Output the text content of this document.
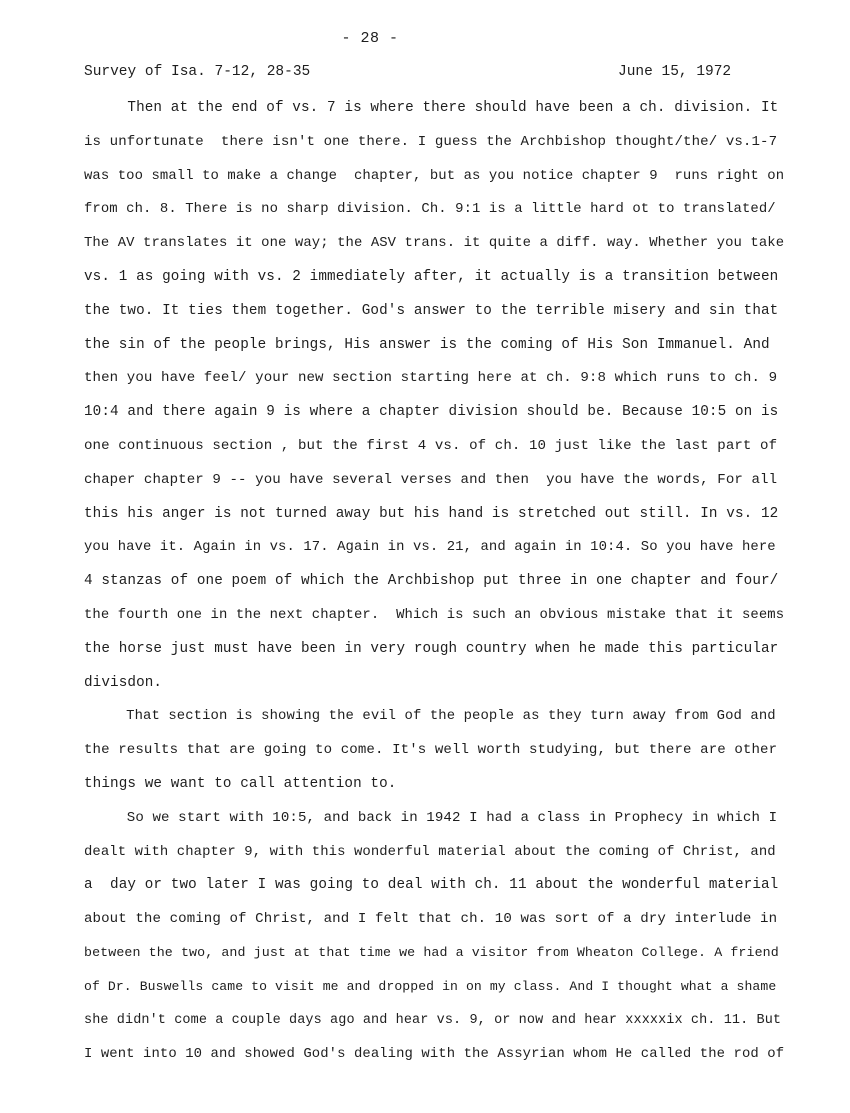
- 28 -
Survey of Isa. 7-12, 28-35	June 15, 1972
Then at the end of vs. 7 is where there should have been a ch. division. It
is unfortunate  there isn't one there. I guess the Archbishop thought/the/ vs.1-7
was too small to make a change  chapter, but as you notice chapter 9  runs right on
from ch. 8. There is no sharp division. Ch. 9:1 is a little hard ot to translated/
The AV translates it one way; the ASV trans. it quite a diff. way. Whether you take
vs. 1 as going with vs. 2 immediately after, it actually is a transition between
the two. It ties them together. God's answer to the terrible misery and sin that
the sin of the people brings, His answer is the coming of His Son Immanuel. And
then you have feel/ your new section starting here at ch. 9:8 which runs to ch. 9
10:4 and there again 9 is where a chapter division should be. Because 10:5 on is
one continuous section , but the first 4 vs. of ch. 10 just like the last part of
chaper chapter 9 -- you have several verses and then  you have the words, For all
this his anger is not turned away but his hand is stretched out still. In vs. 12
you have it. Again in vs. 17. Again in vs. 21, and again in 10:4. So you have here
4 stanzas of one poem of which the Archbishop put three in one chapter and four/
the fourth one in the next chapter.  Which is such an obvious mistake that it seems
the horse just must have been in very rough country when he made this particular
divisdon.
That section is showing the evil of the people as they turn away from God and
the results that are going to come. It's well worth studying, but there are other
things we want to call attention to.
So we start with 10:5, and back in 1942 I had a class in Prophecy in which I
dealt with chapter 9, with this wonderful material about the coming of Christ, and
a  day or two later I was going to deal with ch. 11 about the wonderful material
about the coming of Christ, and I felt that ch. 10 was sort of a dry interlude in
between the two, and just at that time we had a visitor from Wheaton College. A friend
of Dr. Buswells came to visit me and dropped in on my class. And I thought what a shame
she didn't come a couple days ago and hear vs. 9, or now and hear xxxxxix ch. 11. But
I went into 10 and showed God's dealing with the Assyrian whom He called the rod of
